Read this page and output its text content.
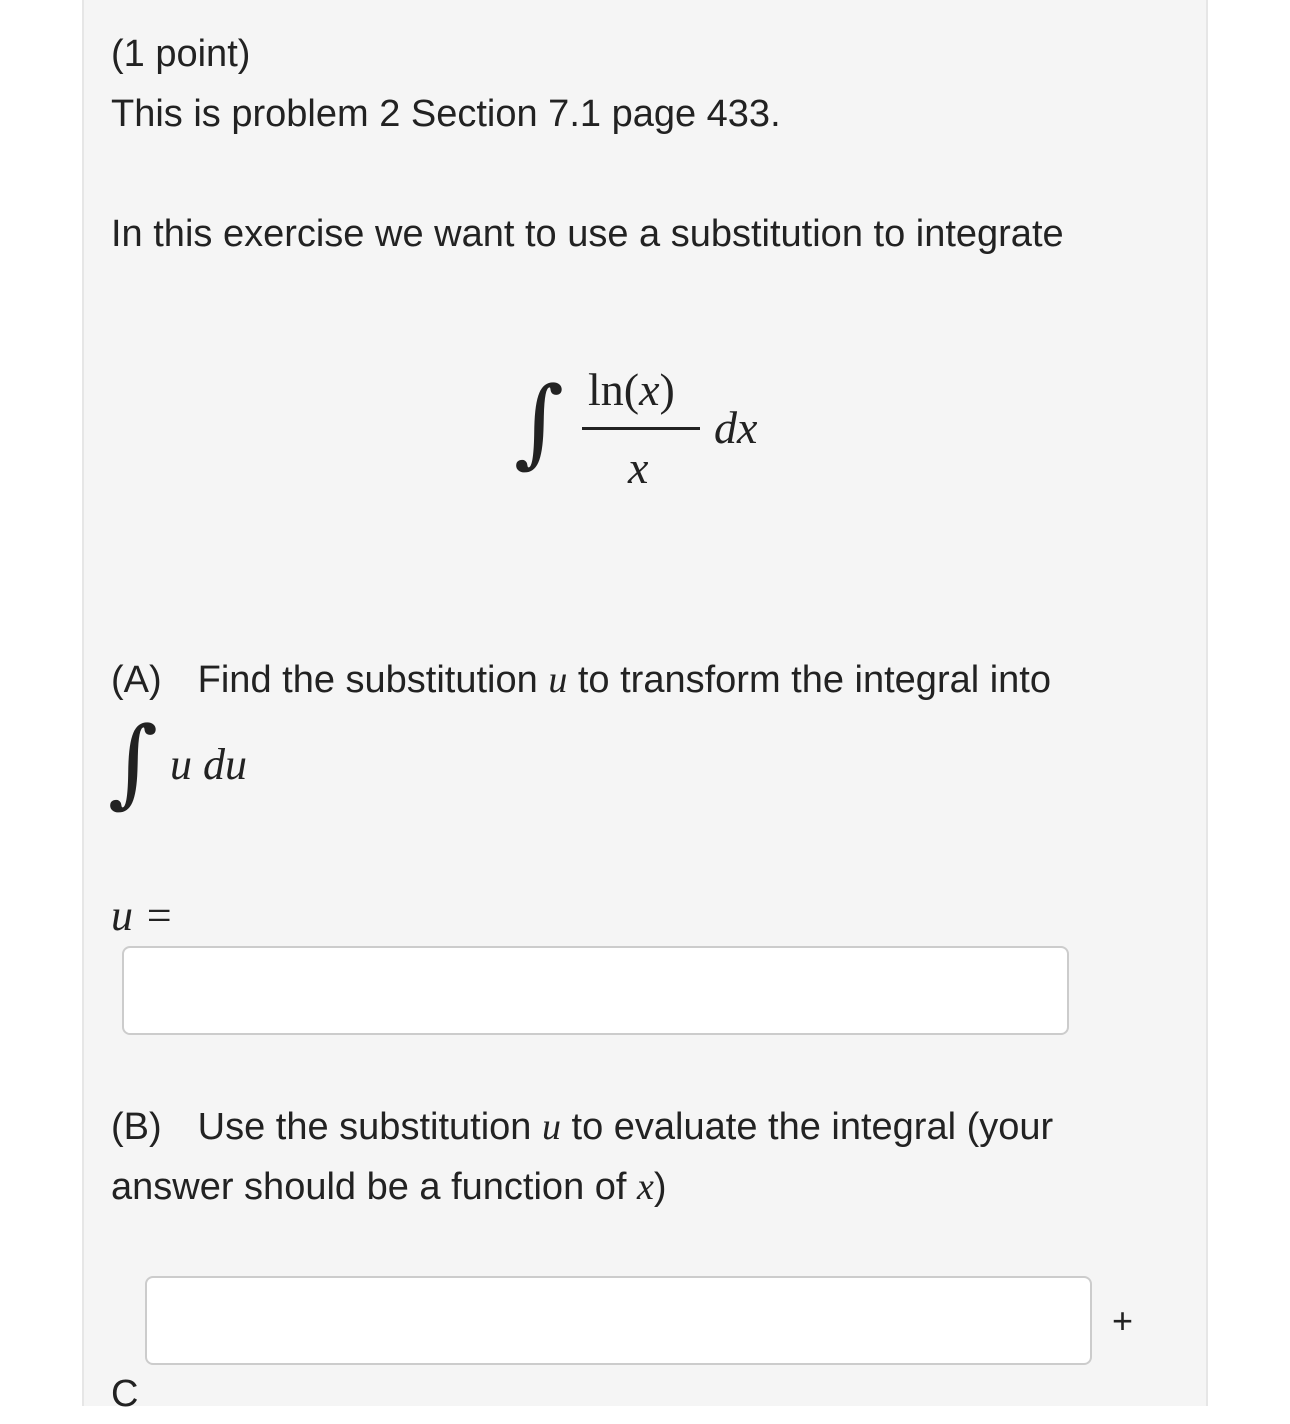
(1 point)
This is problem 2 Section 7.1 page 433.
In this exercise we want to use a substitution to integrate
∫ ln(x)
x
dx
(A) Find the substitution u to transform the integral into
∫ u du
u =
(B) Use the substitution u to evaluate the integral (your
answer should be a function of x)
+
C
